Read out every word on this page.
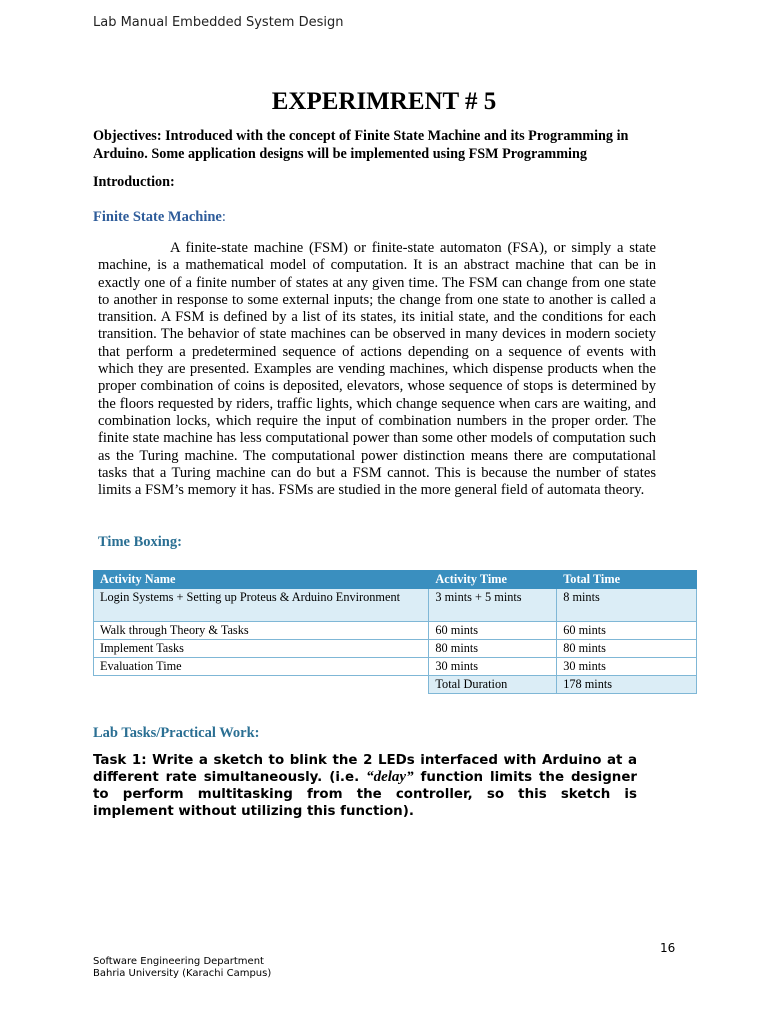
Lab Manual Embedded System Design
EXPERIMRENT # 5
Objectives: Introduced with the concept of Finite State Machine and its Programming in Arduino. Some application designs will be implemented using FSM Programming
Introduction:
Finite State Machine:

A finite-state machine (FSM) or finite-state automaton (FSA), or simply a state machine, is a mathematical model of computation. It is an abstract machine that can be in exactly one of a finite number of states at any given time. The FSM can change from one state to another in response to some external inputs; the change from one state to another is called a transition. A FSM is defined by a list of its states, its initial state, and the conditions for each transition. The behavior of state machines can be observed in many devices in modern society that perform a predetermined sequence of actions depending on a sequence of events with which they are presented. Examples are vending machines, which dispense products when the proper combination of coins is deposited, elevators, whose sequence of stops is determined by the floors requested by riders, traffic lights, which change sequence when cars are waiting, and combination locks, which require the input of combination numbers in the proper order. The finite state machine has less computational power than some other models of computation such as the Turing machine. The computational power distinction means there are computational tasks that a Turing machine can do but a FSM cannot. This is because the number of states limits a FSM’s memory it has. FSMs are studied in the more general field of automata theory.

Time Boxing:
Activity Name	Activity Time	Total Time
Login Systems + Setting up Proteus & Arduino Environment	3 mints + 5 mints	8 mints
Walk through Theory & Tasks	60 mints	60 mints
Implement Tasks	80 mints	80 mints
Evaluation Time	30 mints	30 mints
	Total Duration	178 mints
Lab Tasks/Practical Work:

Task 1: Write a sketch to blink the 2 LEDs interfaced with Arduino at a different rate simultaneously. (i.e. “delay” function limits the designer to perform multitasking from the controller, so this sketch is implement without utilizing this function).

16
Software Engineering Department
Bahria University (Karachi Campus)
